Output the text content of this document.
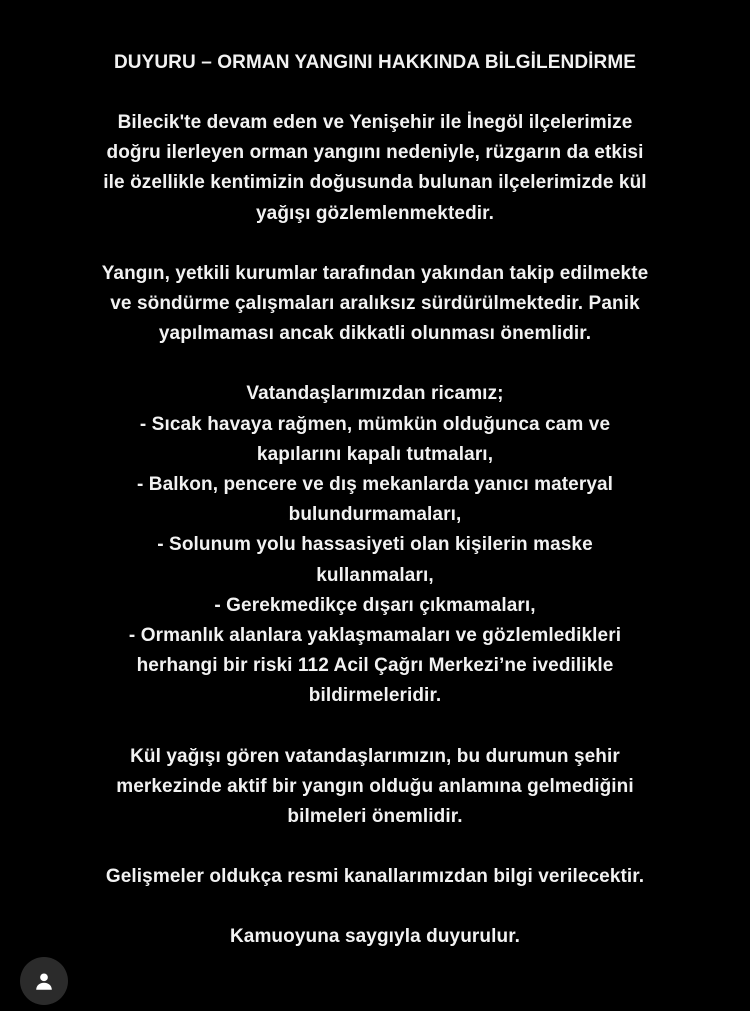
DUYURU – ORMAN YANGINI HAKKINDA BİLGİLENDİRME

Bilecik'te devam eden ve Yenişehir ile İnegöl ilçelerimize
doğru ilerleyen orman yangını nedeniyle, rüzgarın da etkisi
ile özellikle kentimizin doğusunda bulunan ilçelerimizde kül
yağışı gözlemlenmektedir.

Yangın, yetkili kurumlar tarafından yakından takip edilmekte
ve söndürme çalışmaları aralıksız sürdürülmektedir. Panik
yapılmaması ancak dikkatli olunması önemlidir.

Vatandaşlarımızdan ricamız;
- Sıcak havaya rağmen, mümkün olduğunca cam ve
kapılarını kapalı tutmaları,
- Balkon, pencere ve dış mekanlarda yanıcı materyal
bulundurmamaları,
- Solunum yolu hassasiyeti olan kişilerin maske
kullanmaları,
- Gerekmedikçe dışarı çıkmamaları,
- Ormanlık alanlara yaklaşmamaları ve gözlemledikleri
herhangi bir riski 112 Acil Çağrı Merkezi’ne ivedilikle
bildirmeleridir.

Kül yağışı gören vatandaşlarımızın, bu durumun şehir
merkezinde aktif bir yangın olduğu anlamına gelmediğini
bilmeleri önemlidir.

Gelişmeler oldukça resmi kanallarımızdan bilgi verilecektir.

Kamuoyuna saygıyla duyurulur.
